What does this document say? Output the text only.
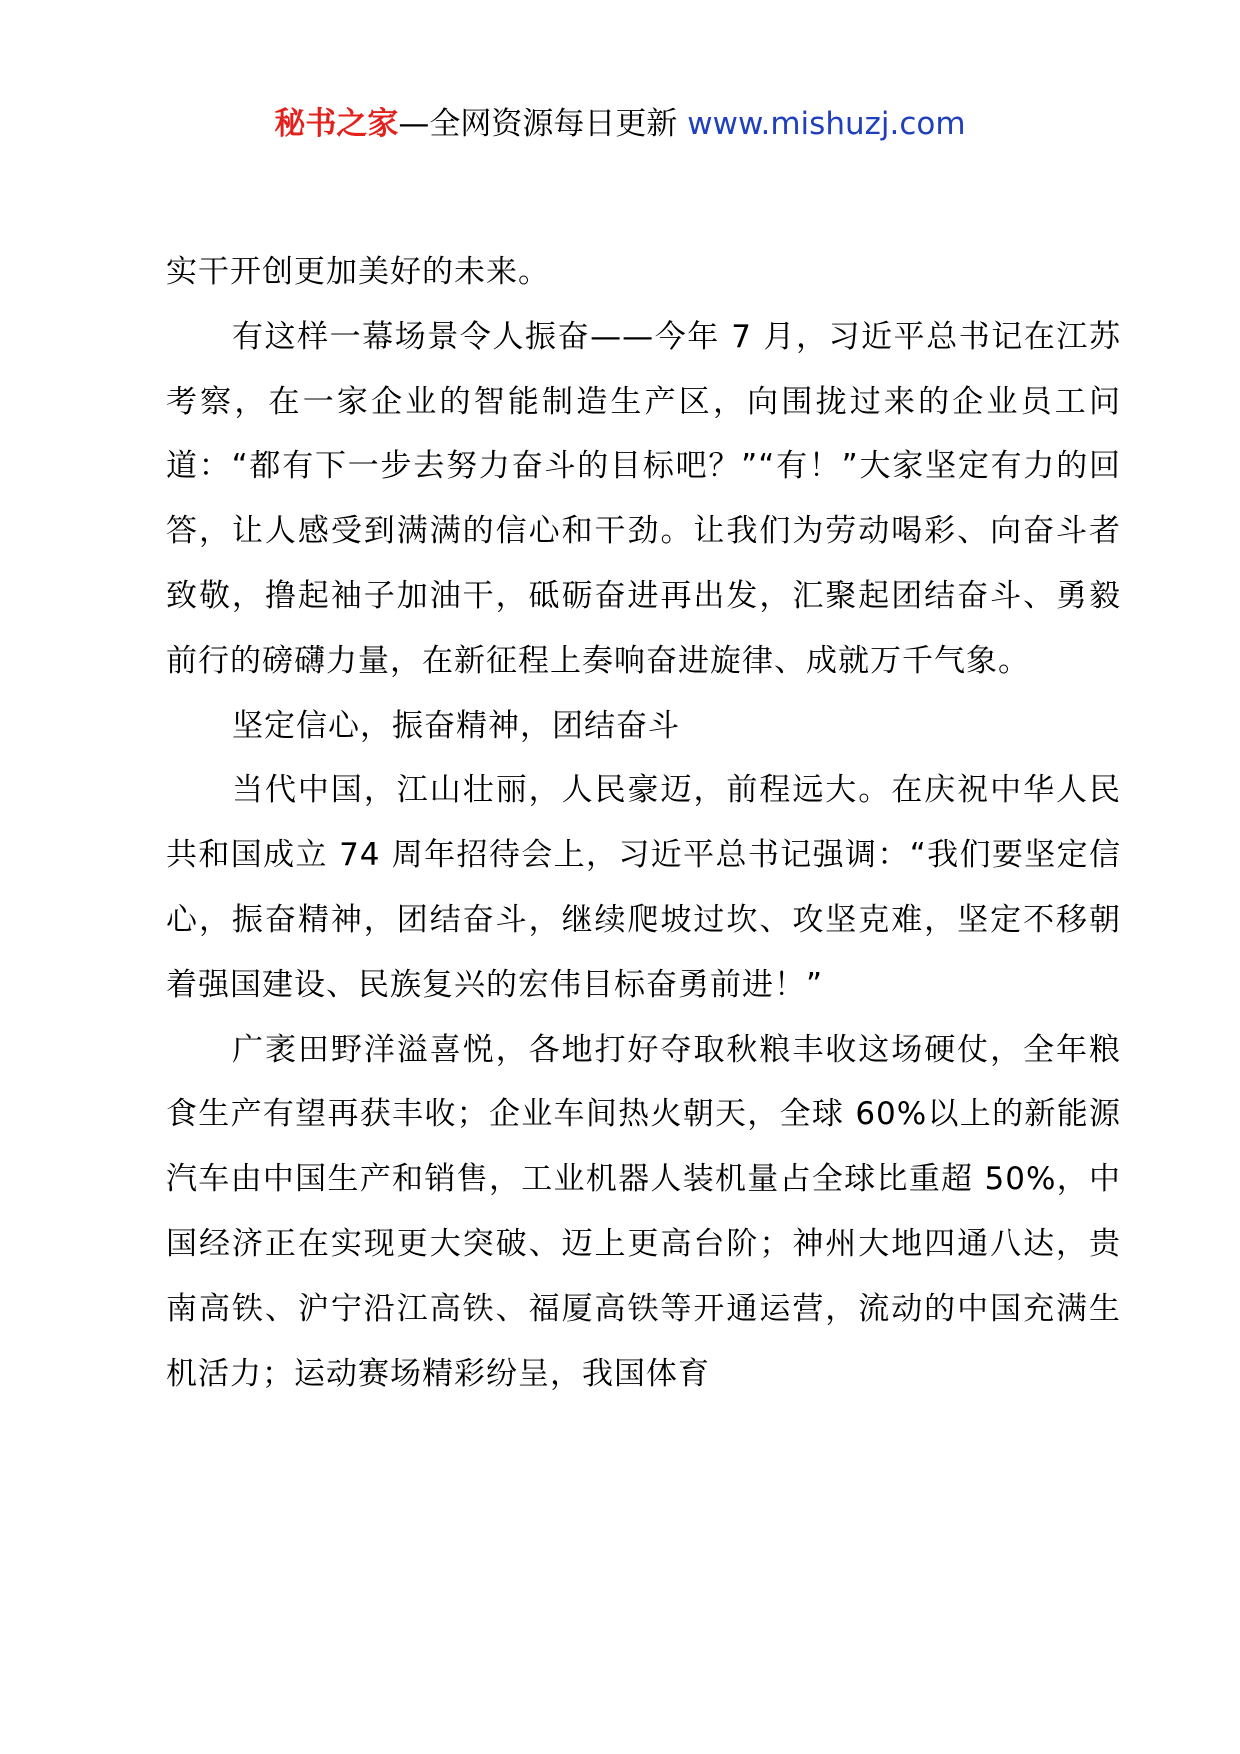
秘书之家—全网资源每日更新 www.mishuzj.com

实干开创更加美好的未来。

有这样一幕场景令人振奋——今年 7 月，习近平总书记在江苏考察，在一家企业的智能制造生产区，向围拢过来的企业员工问道：“都有下一步去努力奋斗的目标吧？”“有！”大家坚定有力的回答，让人感受到满满的信心和干劲。让我们为劳动喝彩、向奋斗者致敬，撸起袖子加油干，砥砺奋进再出发，汇聚起团结奋斗、勇毅前行的磅礴力量，在新征程上奏响奋进旋律、成就万千气象。

坚定信心，振奋精神，团结奋斗

当代中国，江山壮丽，人民豪迈，前程远大。在庆祝中华人民共和国成立 74 周年招待会上，习近平总书记强调：“我们要坚定信心，振奋精神，团结奋斗，继续爬坡过坎、攻坚克难，坚定不移朝着强国建设、民族复兴的宏伟目标奋勇前进！”

广袤田野洋溢喜悦，各地打好夺取秋粮丰收这场硬仗，全年粮食生产有望再获丰收；企业车间热火朝天，全球 60%以上的新能源汽车由中国生产和销售，工业机器人装机量占全球比重超 50%，中国经济正在实现更大突破、迈上更高台阶；神州大地四通八达，贵南高铁、沪宁沿江高铁、福厦高铁等开通运营，流动的中国充满生机活力；运动赛场精彩纷呈，我国体育
